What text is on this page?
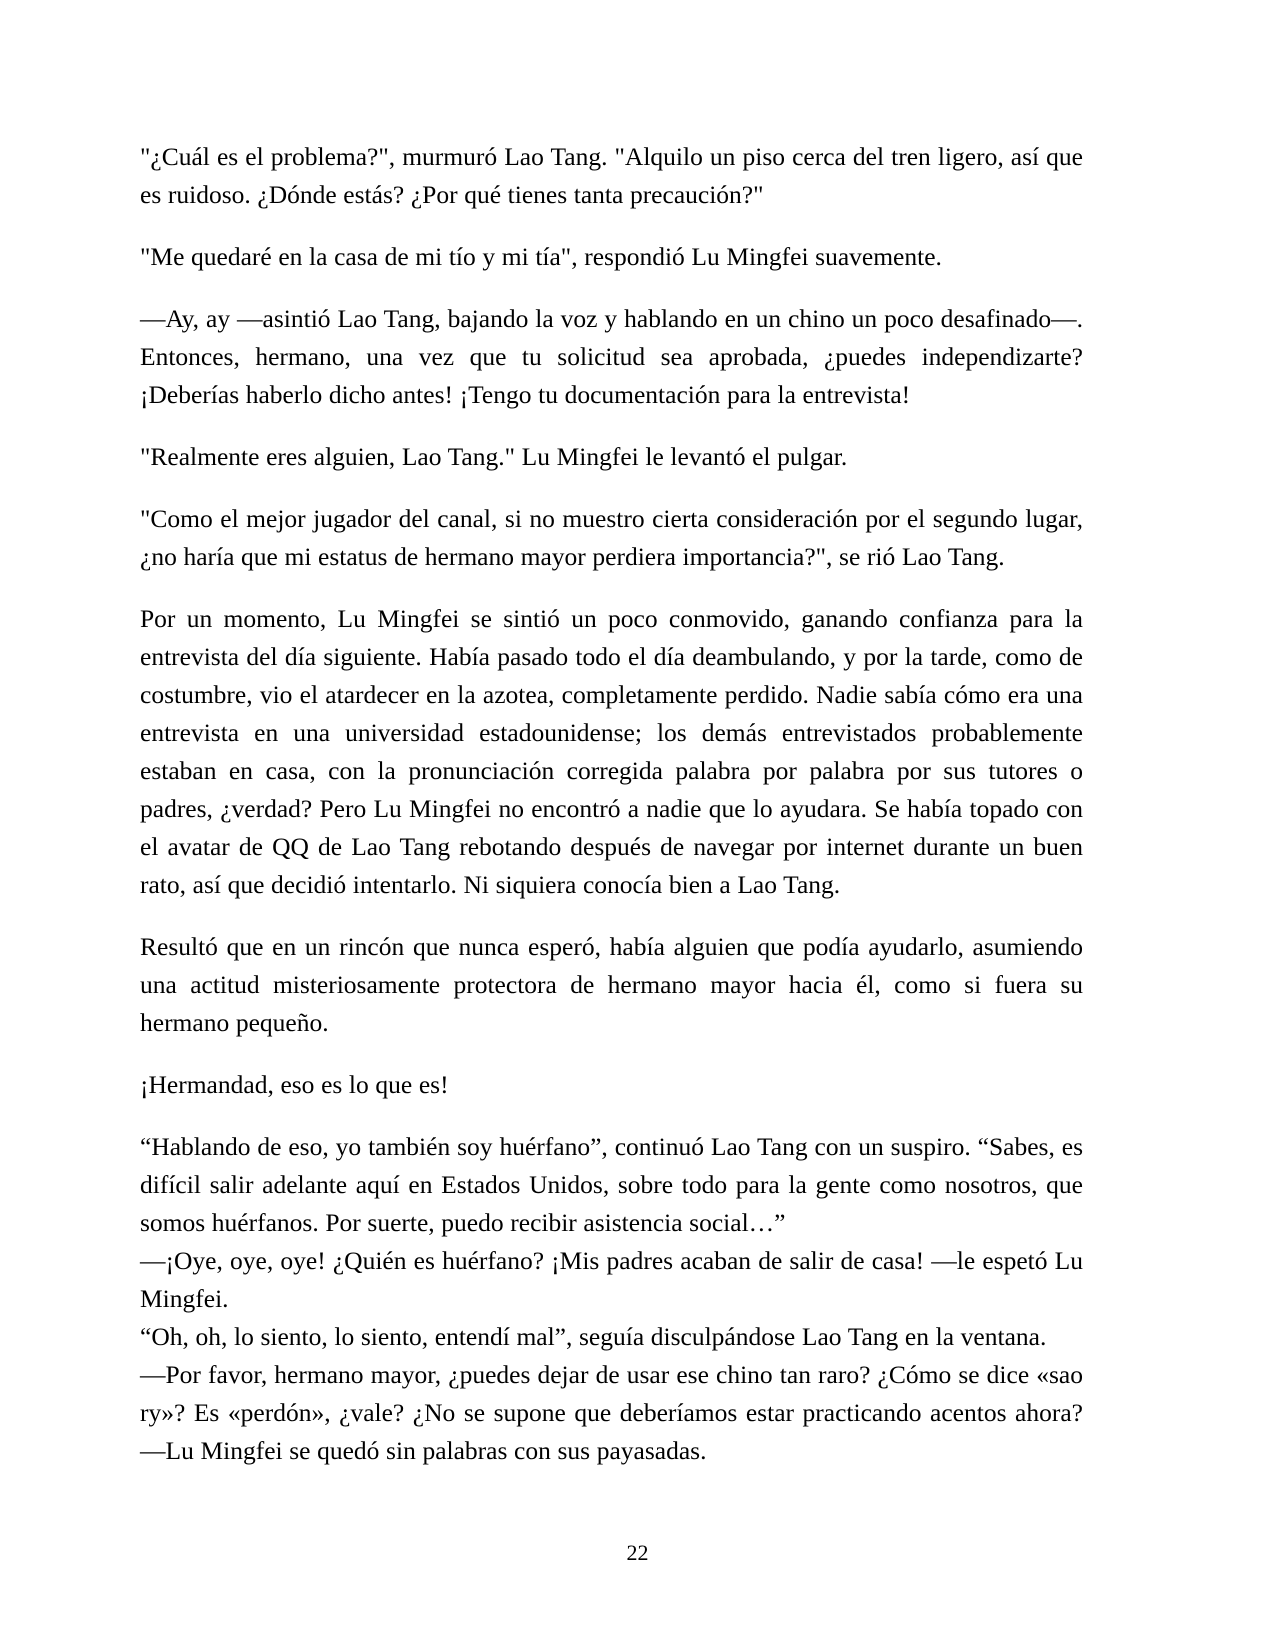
"¿Cuál es el problema?", murmuró Lao Tang. "Alquilo un piso cerca del tren ligero, así que es ruidoso. ¿Dónde estás? ¿Por qué tienes tanta precaución?"

"Me quedaré en la casa de mi tío y mi tía", respondió Lu Mingfei suavemente.

—Ay, ay —asintió Lao Tang, bajando la voz y hablando en un chino un poco desafinado—. Entonces, hermano, una vez que tu solicitud sea aprobada, ¿puedes independizarte? ¡Deberías haberlo dicho antes! ¡Tengo tu documentación para la entrevista!

"Realmente eres alguien, Lao Tang." Lu Mingfei le levantó el pulgar.

"Como el mejor jugador del canal, si no muestro cierta consideración por el segundo lugar, ¿no haría que mi estatus de hermano mayor perdiera importancia?", se rió Lao Tang.

Por un momento, Lu Mingfei se sintió un poco conmovido, ganando confianza para la entrevista del día siguiente. Había pasado todo el día deambulando, y por la tarde, como de costumbre, vio el atardecer en la azotea, completamente perdido. Nadie sabía cómo era una entrevista en una universidad estadounidense; los demás entrevistados probablemente estaban en casa, con la pronunciación corregida palabra por palabra por sus tutores o padres, ¿verdad? Pero Lu Mingfei no encontró a nadie que lo ayudara. Se había topado con el avatar de QQ de Lao Tang rebotando después de navegar por internet durante un buen rato, así que decidió intentarlo. Ni siquiera conocía bien a Lao Tang.

Resultó que en un rincón que nunca esperó, había alguien que podía ayudarlo, asumiendo una actitud misteriosamente protectora de hermano mayor hacia él, como si fuera su hermano pequeño.

¡Hermandad, eso es lo que es!

“Hablando de eso, yo también soy huérfano”, continuó Lao Tang con un suspiro. “Sabes, es difícil salir adelante aquí en Estados Unidos, sobre todo para la gente como nosotros, que somos huérfanos. Por suerte, puedo recibir asistencia social…”

—¡Oye, oye, oye! ¿Quién es huérfano? ¡Mis padres acaban de salir de casa! —le espetó Lu Mingfei.

“Oh, oh, lo siento, lo siento, entendí mal”, seguía disculpándose Lao Tang en la ventana.

—Por favor, hermano mayor, ¿puedes dejar de usar ese chino tan raro? ¿Cómo se dice «sao ry»? Es «perdón», ¿vale? ¿No se supone que deberíamos estar practicando acentos ahora? —Lu Mingfei se quedó sin palabras con sus payasadas.

22
